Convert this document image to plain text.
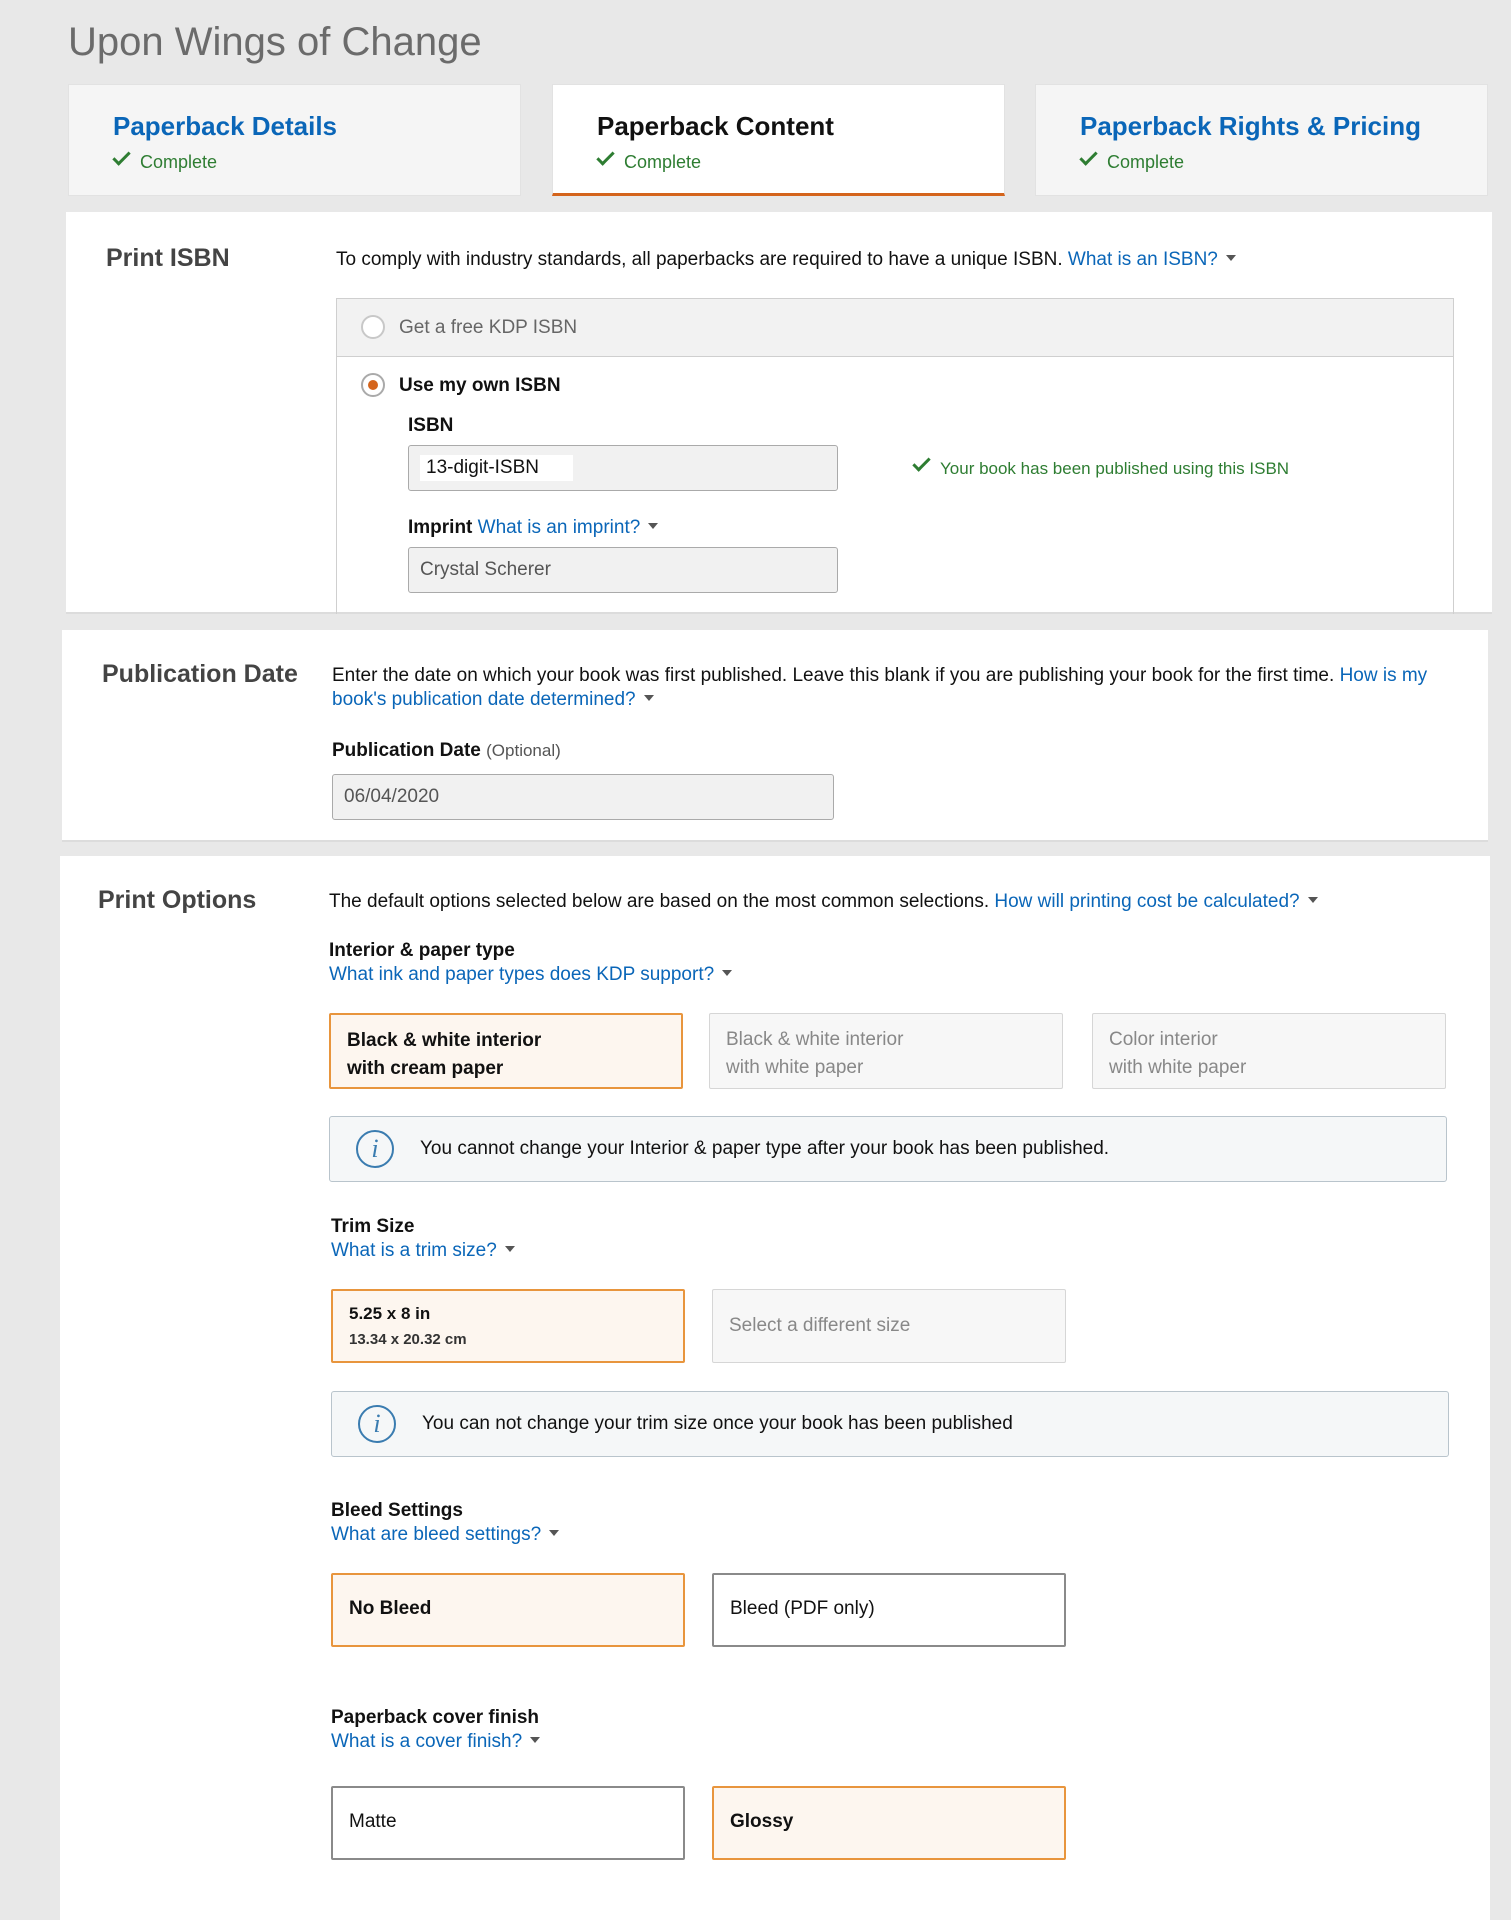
Upon Wings of Change
Paperback Details
Complete
Paperback Content
Complete
Paperback Rights & Pricing
Complete
Print ISBN	To comply with industry standards, all paperbacks are required to have a unique ISBN. What is an ISBN?
Get a free KDP ISBN
Use my own ISBN
ISBN
13-digit-ISBN	Your book has been published using this ISBN
Imprint What is an imprint?
Crystal Scherer
Publication Date Enter the date on which your book was first published. Leave this blank if you are publishing your book for the first time. How is my book's publication date determined?
Publication Date (Optional)
06/04/2020
Print Options	The default options selected below are based on the most common selections. How will printing cost be calculated?
Interior & paper type
What ink and paper types does KDP support?
Black & white interior
with cream paper
Black & white interior
with white paper
Color interior
with white paper
i	You cannot change your Interior & paper type after your book has been published.
Trim Size
What is a trim size?
5.25 x 8 in
13.34 x 20.32 cm
Select a different size
i	You can not change your trim size once your book has been published
Bleed Settings
What are bleed settings?
No Bleed	Bleed (PDF only)
Paperback cover finish
What is a cover finish?
Matte	Glossy
